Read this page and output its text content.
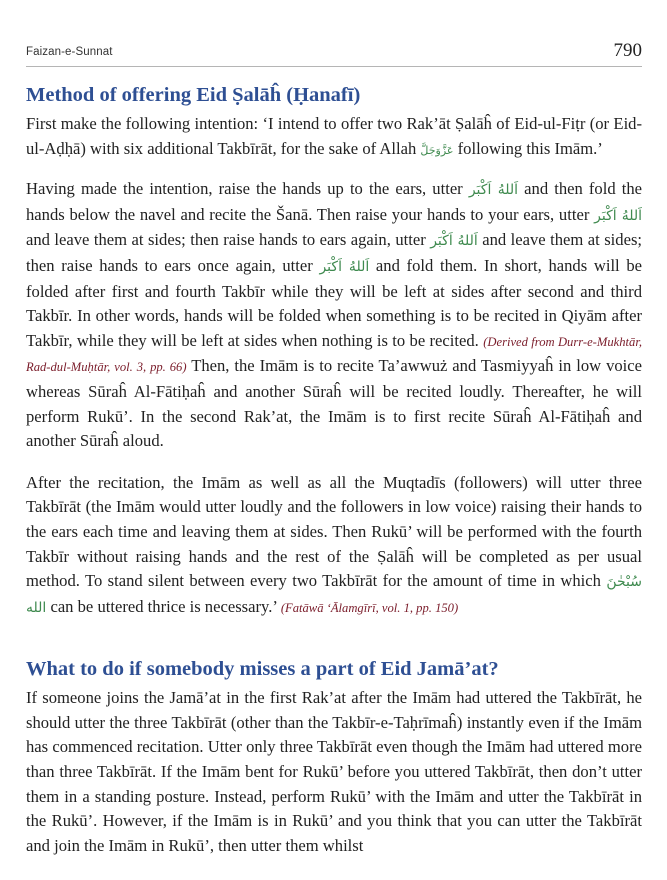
Faizan-e-Sunnat	790
Method of offering Eid Ṣalāĥ (Ḥanafī)

First make the following intention: ‘I intend to offer two Rak’āt Ṣalāĥ of Eid-ul-Fiṭr (or Eid-ul-Aḍḥā) with six additional Takbīrāt, for the sake of Allah عَزَّوَجَلَّ following this Imām.’

Having made the intention, raise the hands up to the ears, utter اَللهُ اَكْبَر and then fold the hands below the navel and recite the Šanā. Then raise your hands to your ears, utter اَللهُ اَكْبَر and leave them at sides; then raise hands to ears again, utter اَللهُ اَكْبَر and leave them at sides; then raise hands to ears once again, utter اَللهُ اَكْبَر and fold them. In short, hands will be folded after first and fourth Takbīr while they will be left at sides after second and third Takbīr. In other words, hands will be folded when something is to be recited in Qiyām after Takbīr, while they will be left at sides when nothing is to be recited. (Derived from Durr-e-Mukhtār, Rad-dul-Muḥtār, vol. 3, pp. 66) Then, the Imām is to recite Ta’awwuż and Tasmiyyaĥ in low voice whereas Sūraĥ Al-Fātiḥaĥ and another Sūraĥ will be recited loudly. Thereafter, he will perform Rukū’. In the second Rak’at, the Imām is to first recite Sūraĥ Al-Fātiḥaĥ and another Sūraĥ aloud.

After the recitation, the Imām as well as all the Muqtadīs (followers) will utter three Takbīrāt (the Imām would utter loudly and the followers in low voice) raising their hands to the ears each time and leaving them at sides. Then Rukū’ will be performed with the fourth Takbīr without raising hands and the rest of the Ṣalāĥ will be completed as per usual method. To stand silent between every two Takbīrāt for the amount of time in which سُبْحٰنَ الله can be uttered thrice is necessary.’ (Fatāwā ‘Ālamgīrī, vol. 1, pp. 150)

What to do if somebody misses a part of Eid Jamā’at?

If someone joins the Jamā’at in the first Rak’at after the Imām had uttered the Takbīrāt, he should utter the three Takbīrāt (other than the Takbīr-e-Taḥrīmaĥ) instantly even if the Imām has commenced recitation. Utter only three Takbīrāt even though the Imām had uttered more than three Takbīrāt. If the Imām bent for Rukū’ before you uttered Takbīrāt, then don’t utter them in a standing posture. Instead, perform Rukū’ with the Imām and utter the Takbīrāt in the Rukū’. However, if the Imām is in Rukū’ and you think that you can utter the Takbīrāt and join the Imām in Rukū’, then utter them whilst
